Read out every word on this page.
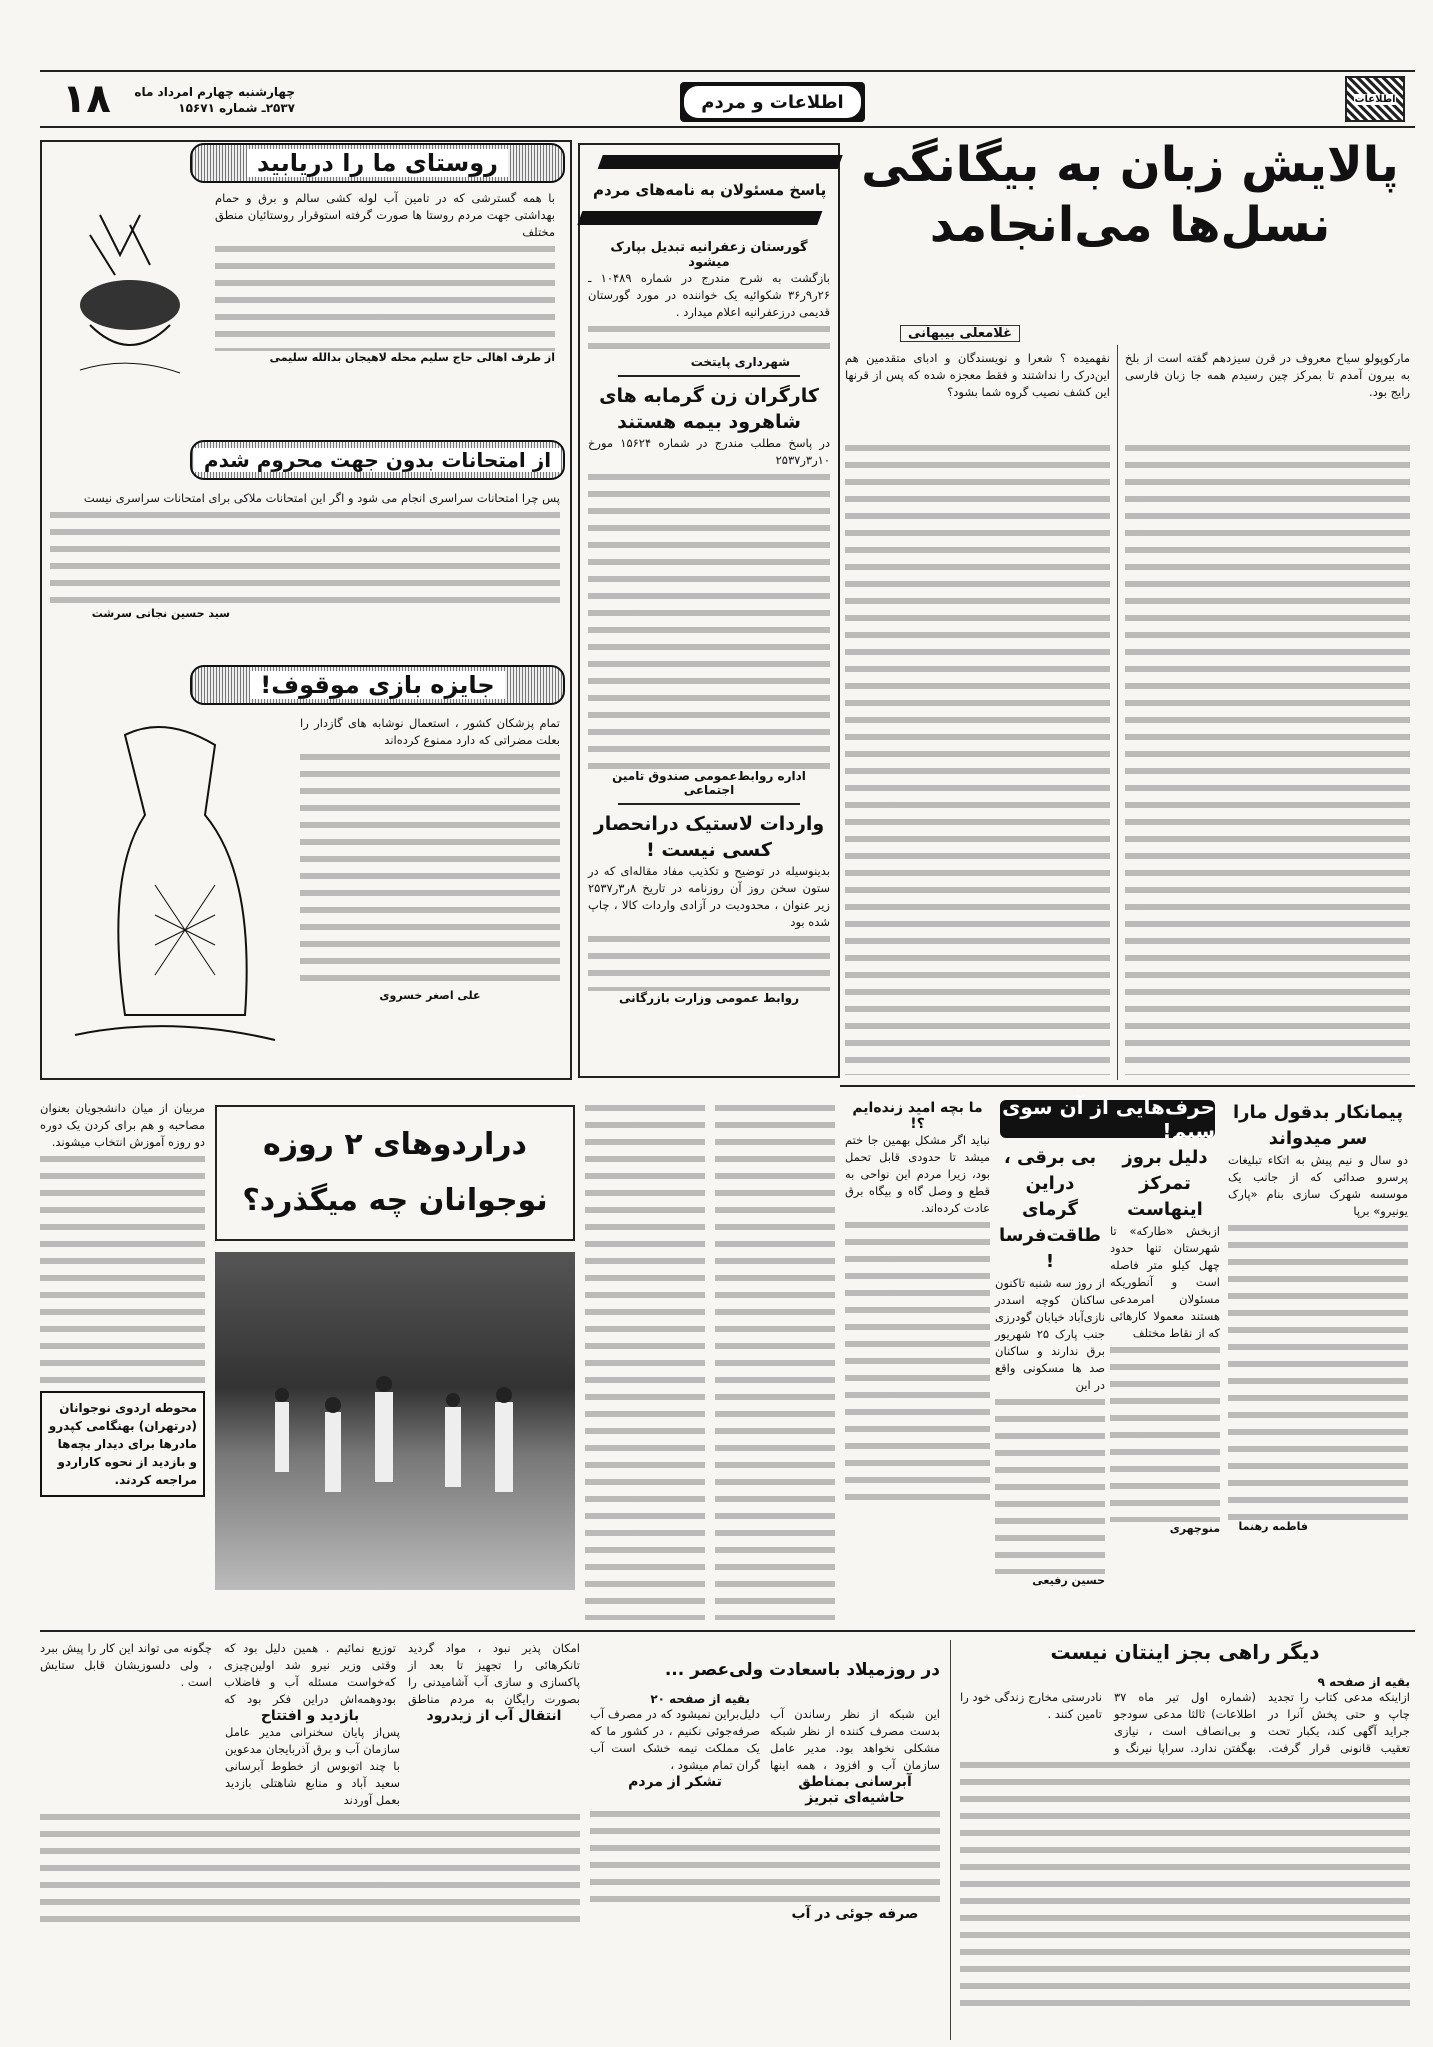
اطلاعات
اطلاعات و مردم
۱۸	چهارشنبه چهارم امرداد ماه
۲۵۳۷ـ شماره ۱۵۶۷۱
پالایش زبان به بیگانگی نسل‌ها می‌انجامد
غلامعلی بیبهانی
نفهمیده ؟ شعرا و نویسندگان و ادبای متقدمین هم این‌درک را نداشتند و فقط معجزه شده که پس از قرنها این کشف نصیب گروه شما بشود؟
مارکوپولو سیاح معروف در قرن سیزدهم گفته است از بلخ به بیرون آمدم تا بمرکز چین رسیدم همه جا زبان فارسی رایج بود.
پاسخ مسئولان به نامه‌های مردم
گورستان زعفرانیه تبدیل بپارک میشود
بازگشت به شرح مندرج در شماره ۱۰۴۸۹ ـ ۲۶ر۹ر۳۶ شکوائیه یک خواننده در مورد گورستان قدیمی درزعفرانیه اعلام میدارد .
شهرداری پایتخت
کارگران زن گرمابه های شاهرود بیمه هستند
در پاسخ مطلب مندرج در شماره ۱۵۶۲۴ مورخ ۱۰ر۳ر۲۵۳۷
اداره روابط‌عمومی صندوق تامین اجتماعی
واردات لاستیک درانحصار کسی نیست !
بدینوسیله در توضیح و تکذیب مفاد مقاله‌ای که در ستون سخن روز آن روزنامه در تاریخ ۸ر۳ر۲۵۳۷ زیر عنوان ، محدودیت در آزادی واردات کالا ، چاپ شده بود
روابط عمومی وزارت بازرگانی
روستای ما را دریابید
با همه گسترشی که در تامین آب لوله کشی سالم و برق و حمام بهداشتی جهت مردم روستا ها صورت گرفته استوقرار روستائیان منطق مختلف
از طرف اهالی حاج سلیم محله لاهیجان بدالله سلیمی
از امتحانات بدون جهت محروم شدم
پس چرا امتحانات سراسری انجام می شود و اگر این امتحانات ملاکی برای امتحانات سراسری نیست
سید حسین نجاتی سرشت
جایزه بازی موقوف!
تمام پزشکان کشور ، استعمال نوشابه های گازدار را بعلت مضراتی که دارد ممنوع کرده‌اند
علی اصغر خسروی
دراردوهای ۲ روزه
نوجوانان چه میگذرد؟
مربیان از میان دانشجویان بعنوان مصاحبه و هم برای کردن یک دوره دو روزه آموزش انتخاب میشوند.
محوطه اردوی نوجوانان (درتهران) بهنگامی کپدرو مادرها برای دیدار بچه‌ها و بازدید از نحوه کاراردو مراجعه کردند.
حرف‌هایی از آن سوی سیم!
ما بچه امید زنده‌ایم ؟!
نباید اگر مشکل بهمین جا ختم میشد تا حدودی قابل تحمل بود، زیرا مردم این نواحی به قطع و وصل گاه و بیگاه برق عادت کرده‌اند.
بی برقی ، دراین گرمای طاقت‌فرسا !
از روز سه شنبه تاکنون ساکنان کوچه اسددر نازی‌آباد خیابان گودرزی جنب پارک ۲۵ شهریور برق ندارند و ساکنان صد ها مسکونی واقع در این
حسین رفیعی
دلیل بروز تمرکز اینهاست
ازبخش «طارکه» تا شهرستان تنها حدود چهل کیلو متر فاصله است و آنطوریکه مسئولان امرمدعی هستند معمولا کارهائی که از نقاط مختلف
منوچهری
پیمانکار بدقول مارا سر میدواند
دو سال و نیم پیش به اتکاء تبلیغات پرسرو صدائی که از جانب یک موسسه شهرک سازی بنام «پارک یونیرو» برپا
فاطمه رهنما
دیگر راهی بجز اینتان نیست
بقیه از صفحه ۹
ازاینکه مدعی کتاب را تجدید چاپ و حتی پخش آنرا در جراید آگهی کند، یکبار تحت تعقیب قانونی قرار گرفت. (شماره اول تیر ماه ۳۷ اطلاعات) ثالثا مدعی سودجو و بی‌انصاف است ، نیازی بهگفتن ندارد. سراپا نیرنگ و نادرستی مخارج زندگی خود را تامین کنند .
در روزمیلاد باسعادت ولی‌عصر ...
بقیه از صفحه ۲۰
این شبکه از نظر رساندن آب بدست مصرف کننده از نظر شبکه مشکلی نخواهد بود. مدیر عامل سازمان آب و افزود ، همه اینها دلیل‌براین نمیشود که در مصرف آب صرفه‌جوئی نکنیم ، در کشور ما که یک مملکت نیمه خشک است آب گران تمام میشود ،
آبرسانی بمناطق حاشیه‌ای تبریز
تشکر از مردم
صرفه جوئی در آب
امکان پذیر نبود ، مواد گردید تانکرهائی را تجهیز تا بعد از پاکسازی و سازی آب آشامیدنی را بصورت رایگان به مردم مناطق توزیع نمائیم . همین دلیل بود که وقتی وزیر نیرو شد اولین‌چیزی که‌خواست مسئله آب و فاضلاب بودوهمه‌اش دراین فکر بود که چگونه می تواند این کار را پیش ببرد ، ولی دلسوزیشان قابل ستایش است .
انتقال آب از زیدرود
بازدید و افتتاح
پس‌از پایان سخنرانی مدیر عامل سازمان آب و برق آذربایجان مدعوین با چند اتوبوس از خطوط آبرسانی سعید آباد و منابع شاهتلی بازدید بعمل آوردند
